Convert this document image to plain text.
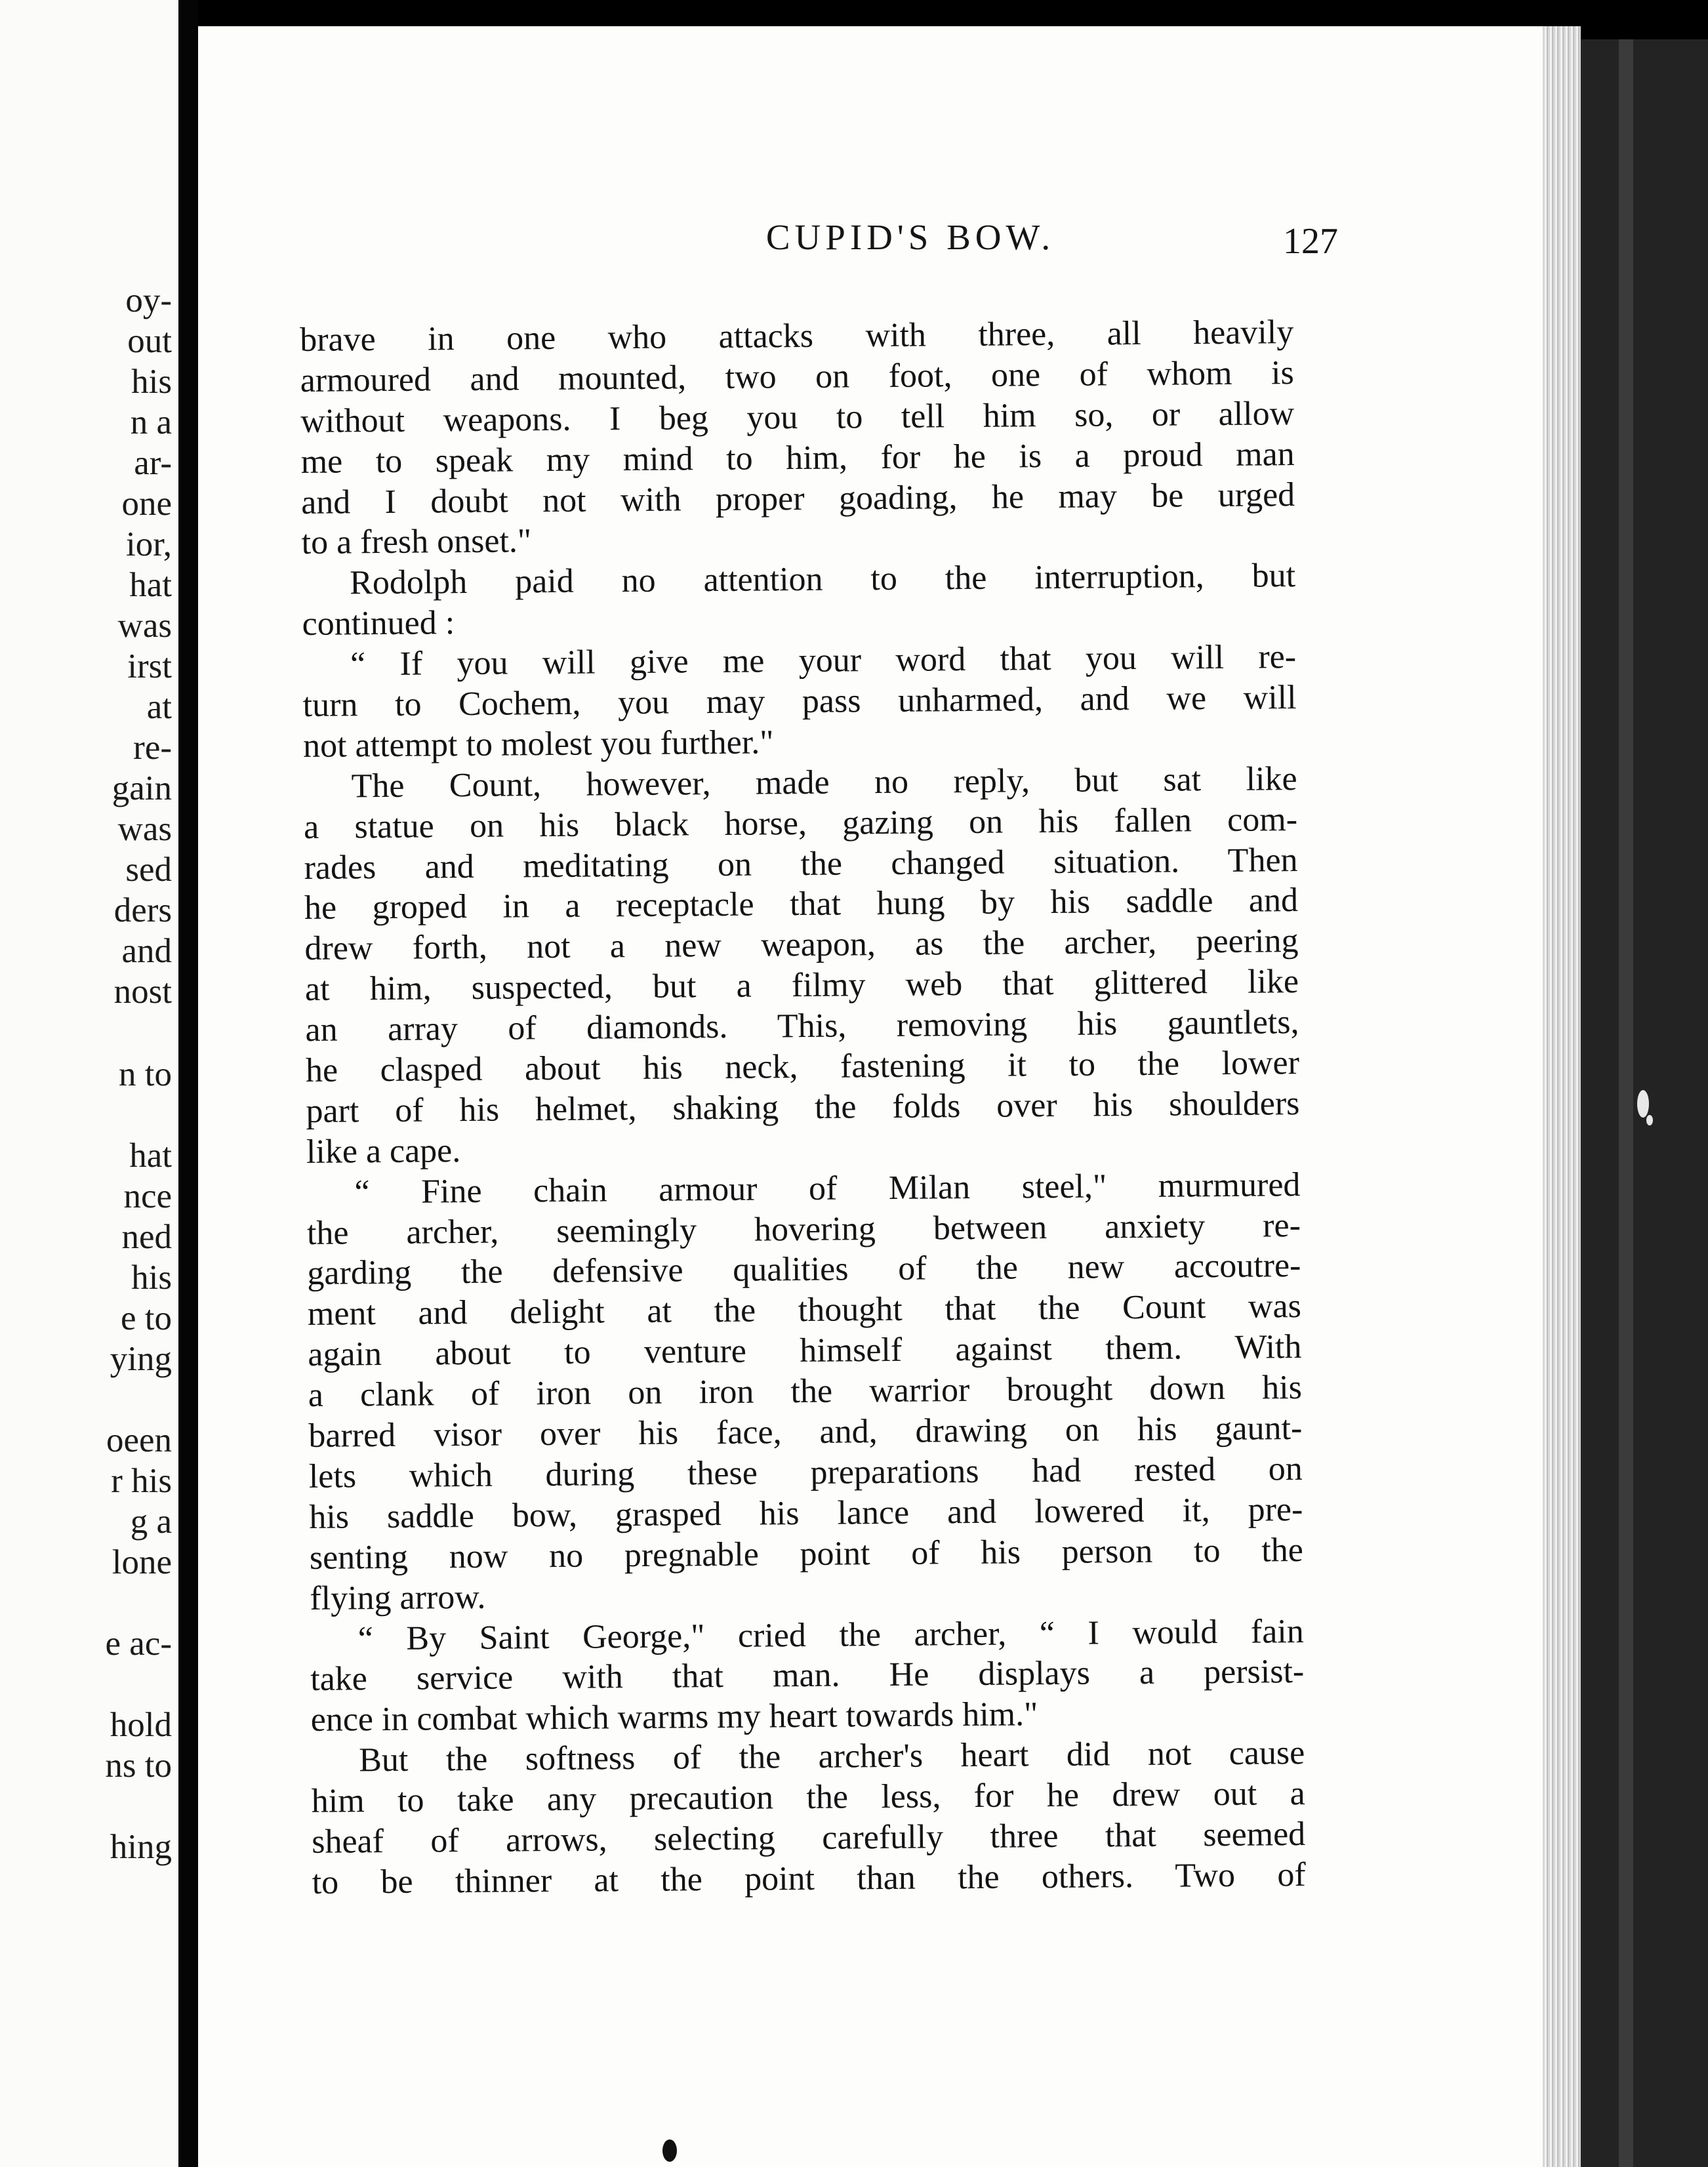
oy-
out
his
n a
ar-
one
ior,
hat
was
irst
at
re-
gain
was
sed
ders
and
nost
n to
hat
nce
ned
his
e to
ying
oeen
r his
g a
lone
e ac-
hold
ns to
hing
CUPID'S BOW.	127
brave in one who attacks with three, all heavily
armoured and mounted, two on foot, one of whom is
without weapons. I beg you to tell him so, or allow
me to speak my mind to him, for he is a proud man
and I doubt not with proper goading, he may be urged
to a fresh onset."
Rodolph paid no attention to the interruption, but
continued :
“ If you will give me your word that you will re-
turn to Cochem, you may pass unharmed, and we will
not attempt to molest you further."
The Count, however, made no reply, but sat like
a statue on his black horse, gazing on his fallen com-
rades and meditating on the changed situation. Then
he groped in a receptacle that hung by his saddle and
drew forth, not a new weapon, as the archer, peering
at him, suspected, but a filmy web that glittered like
an array of diamonds. This, removing his gauntlets,
he clasped about his neck, fastening it to the lower
part of his helmet, shaking the folds over his shoulders
like a cape.
“ Fine chain armour of Milan steel," murmured
the archer, seemingly hovering between anxiety re-
garding the defensive qualities of the new accoutre-
ment and delight at the thought that the Count was
again about to venture himself against them. With
a clank of iron on iron the warrior brought down his
barred visor over his face, and, drawing on his gaunt-
lets which during these preparations had rested on
his saddle bow, grasped his lance and lowered it, pre-
senting now no pregnable point of his person to the
flying arrow.
“ By Saint George," cried the archer, “ I would fain
take service with that man. He displays a persist-
ence in combat which warms my heart towards him."
But the softness of the archer's heart did not cause
him to take any precaution the less, for he drew out a
sheaf of arrows, selecting carefully three that seemed
to be thinner at the point than the others. Two of
